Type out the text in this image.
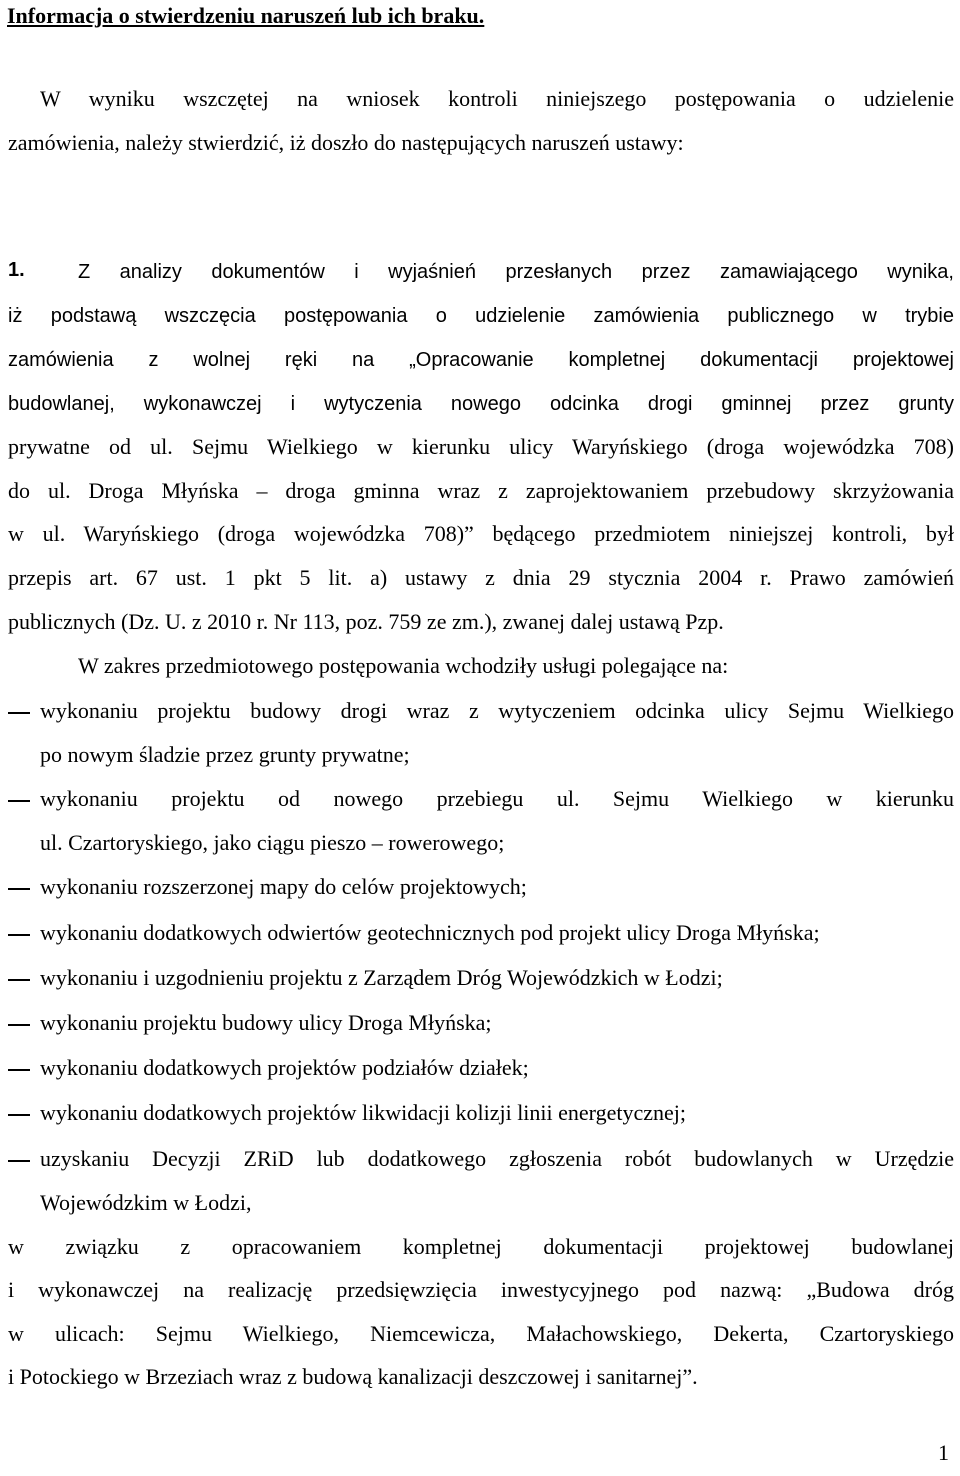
Informacja o stwierdzeniu naruszeń lub ich braku.
W wyniku wszczętej na wniosek kontroli niniejszego postępowania o udzielenie
zamówienia, należy stwierdzić, iż doszło do następujących naruszeń ustawy:
1.	Z analizy dokumentów i wyjaśnień przesłanych przez zamawiającego wynika,
iż podstawą wszczęcia postępowania o udzielenie zamówienia publicznego w trybie
zamówienia z wolnej ręki na „Opracowanie kompletnej dokumentacji projektowej
budowlanej, wykonawczej i wytyczenia nowego odcinka drogi gminnej przez grunty
prywatne od ul. Sejmu Wielkiego w kierunku ulicy Waryńskiego (droga wojewódzka 708)
do ul. Droga Młyńska – droga gminna wraz z zaprojektowaniem przebudowy skrzyżowania
w ul. Waryńskiego (droga wojewódzka 708)” będącego przedmiotem niniejszej kontroli, był
przepis art. 67 ust. 1 pkt 5 lit. a) ustawy z dnia 29 stycznia 2004 r. Prawo zamówień
publicznych (Dz. U. z 2010 r. Nr 113, poz. 759 ze zm.), zwanej dalej ustawą Pzp.
W zakres przedmiotowego postępowania wchodziły usługi polegające na:
wykonaniu projektu budowy drogi wraz z wytyczeniem odcinka ulicy Sejmu Wielkiego
po nowym śladzie przez grunty prywatne;
wykonaniu projektu od nowego przebiegu ul. Sejmu Wielkiego w kierunku
ul. Czartoryskiego, jako ciągu pieszo – rowerowego;
wykonaniu rozszerzonej mapy do celów projektowych;
wykonaniu dodatkowych odwiertów geotechnicznych pod projekt ulicy Droga Młyńska;
wykonaniu i uzgodnieniu projektu z Zarządem Dróg Wojewódzkich w Łodzi;
wykonaniu projektu budowy ulicy Droga Młyńska;
wykonaniu dodatkowych projektów podziałów działek;
wykonaniu dodatkowych projektów likwidacji kolizji linii energetycznej;
uzyskaniu Decyzji ZRiD lub dodatkowego zgłoszenia robót budowlanych w Urzędzie
Wojewódzkim w Łodzi,
w związku z opracowaniem kompletnej dokumentacji projektowej budowlanej
i wykonawczej na realizację przedsięwzięcia inwestycyjnego pod nazwą: „Budowa dróg
w ulicach: Sejmu Wielkiego, Niemcewicza, Małachowskiego, Dekerta, Czartoryskiego
i Potockiego w Brzeziach wraz z budową kanalizacji deszczowej i sanitarnej”.
1
